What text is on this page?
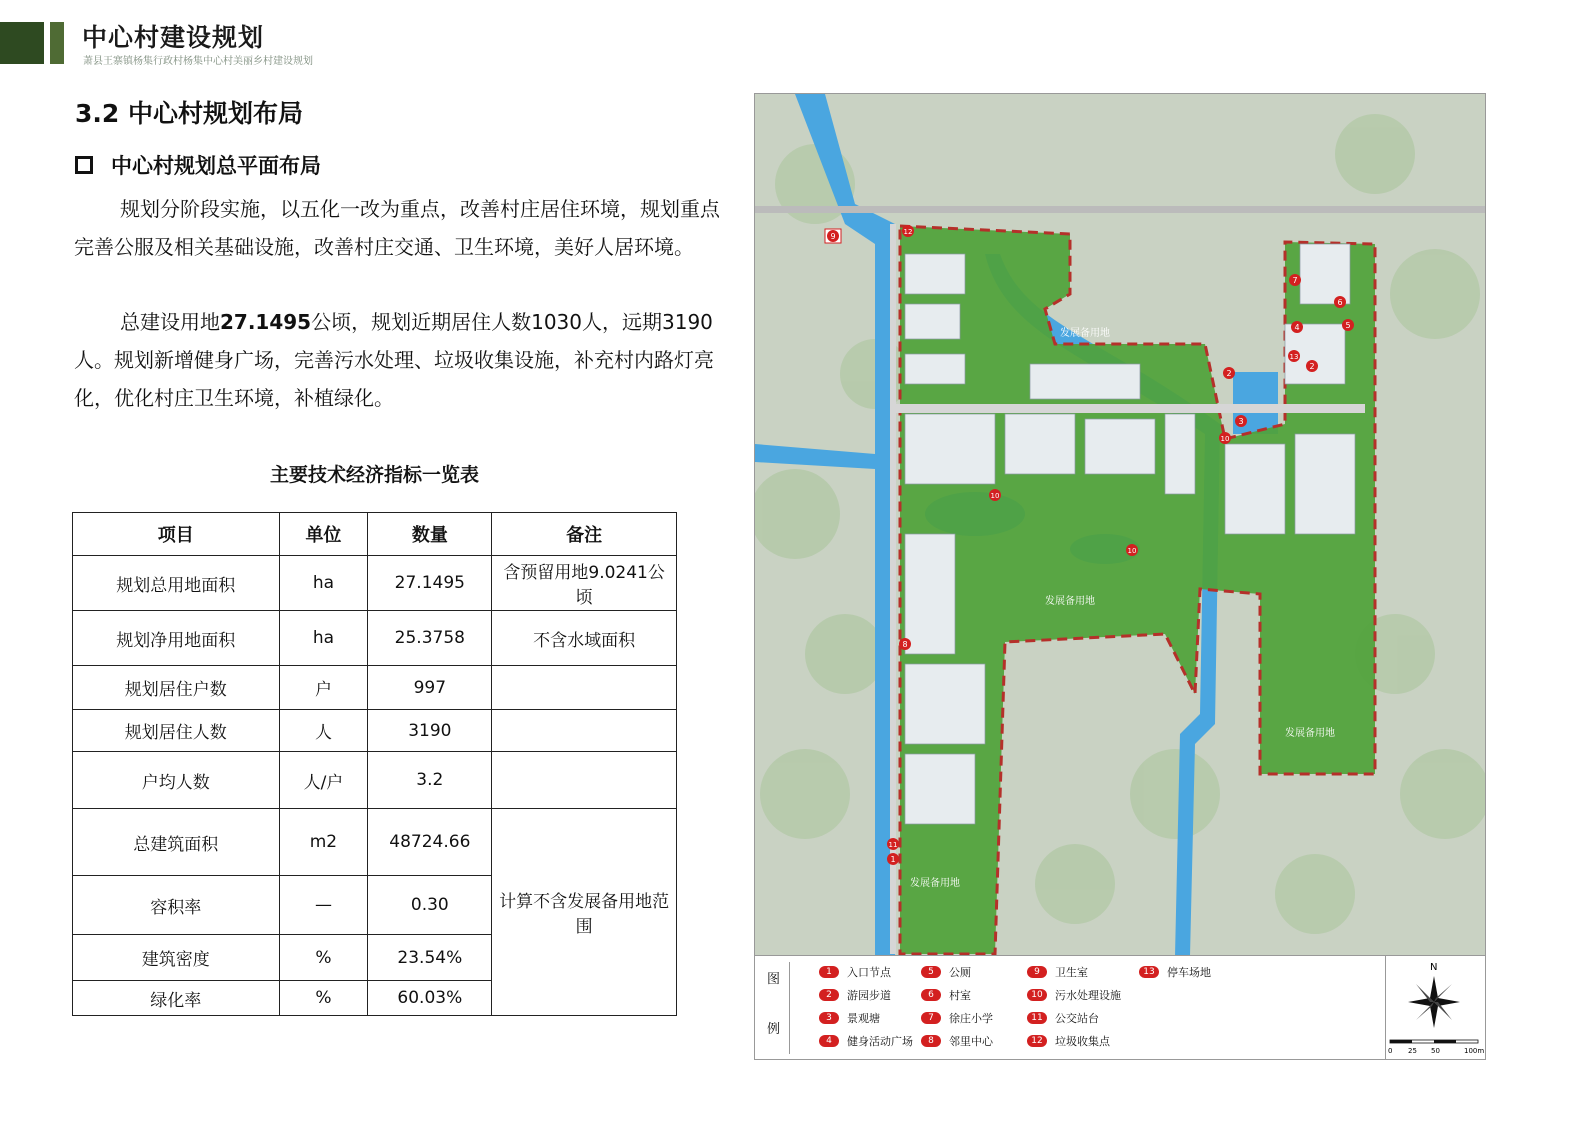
中心村建设规划
萧县王寨镇杨集行政村杨集中心村美丽乡村建设规划
3.2 中心村规划布局
中心村规划总平面布局
规划分阶段实施，以五化一改为重点，改善村庄居住环境，规划重点完善公服及相关基础设施，改善村庄交通、卫生环境，美好人居环境。
总建设用地27.1495公顷，规划近期居住人数1030人，远期3190人。规划新增健身广场，完善污水处理、垃圾收集设施，补充村内路灯亮化，优化村庄卫生环境，补植绿化。
主要技术经济指标一览表
项目	单位	数量	备注
规划总用地面积	ha	27.1495	含预留用地9.0241公顷
规划净用地面积	ha	25.3758	不含水域面积
规划居住户数	户	997	
规划居住人数	人	3190	
户均人数	人/户	3.2	
总建筑面积	m2	48724.66	计算不含发展备用地范围
容积率	—	0.30	
建筑密度	%	23.54%	
绿化率	%	60.03%	
发展备用地
发展备用地
发展备用地
发展备用地
9	12
7
6
4	5
13
2
2
3
10
10
10
8
11
1
图
例
1	入口节点
2	游园步道
3	景观塘
4	健身活动广场
5	公厕
6	村室
7	徐庄小学
8	邻里中心
9	卫生室
10	污水处理设施
11	公交站台
12	垃圾收集点
13	停车场地	N
0 25 50	100m
